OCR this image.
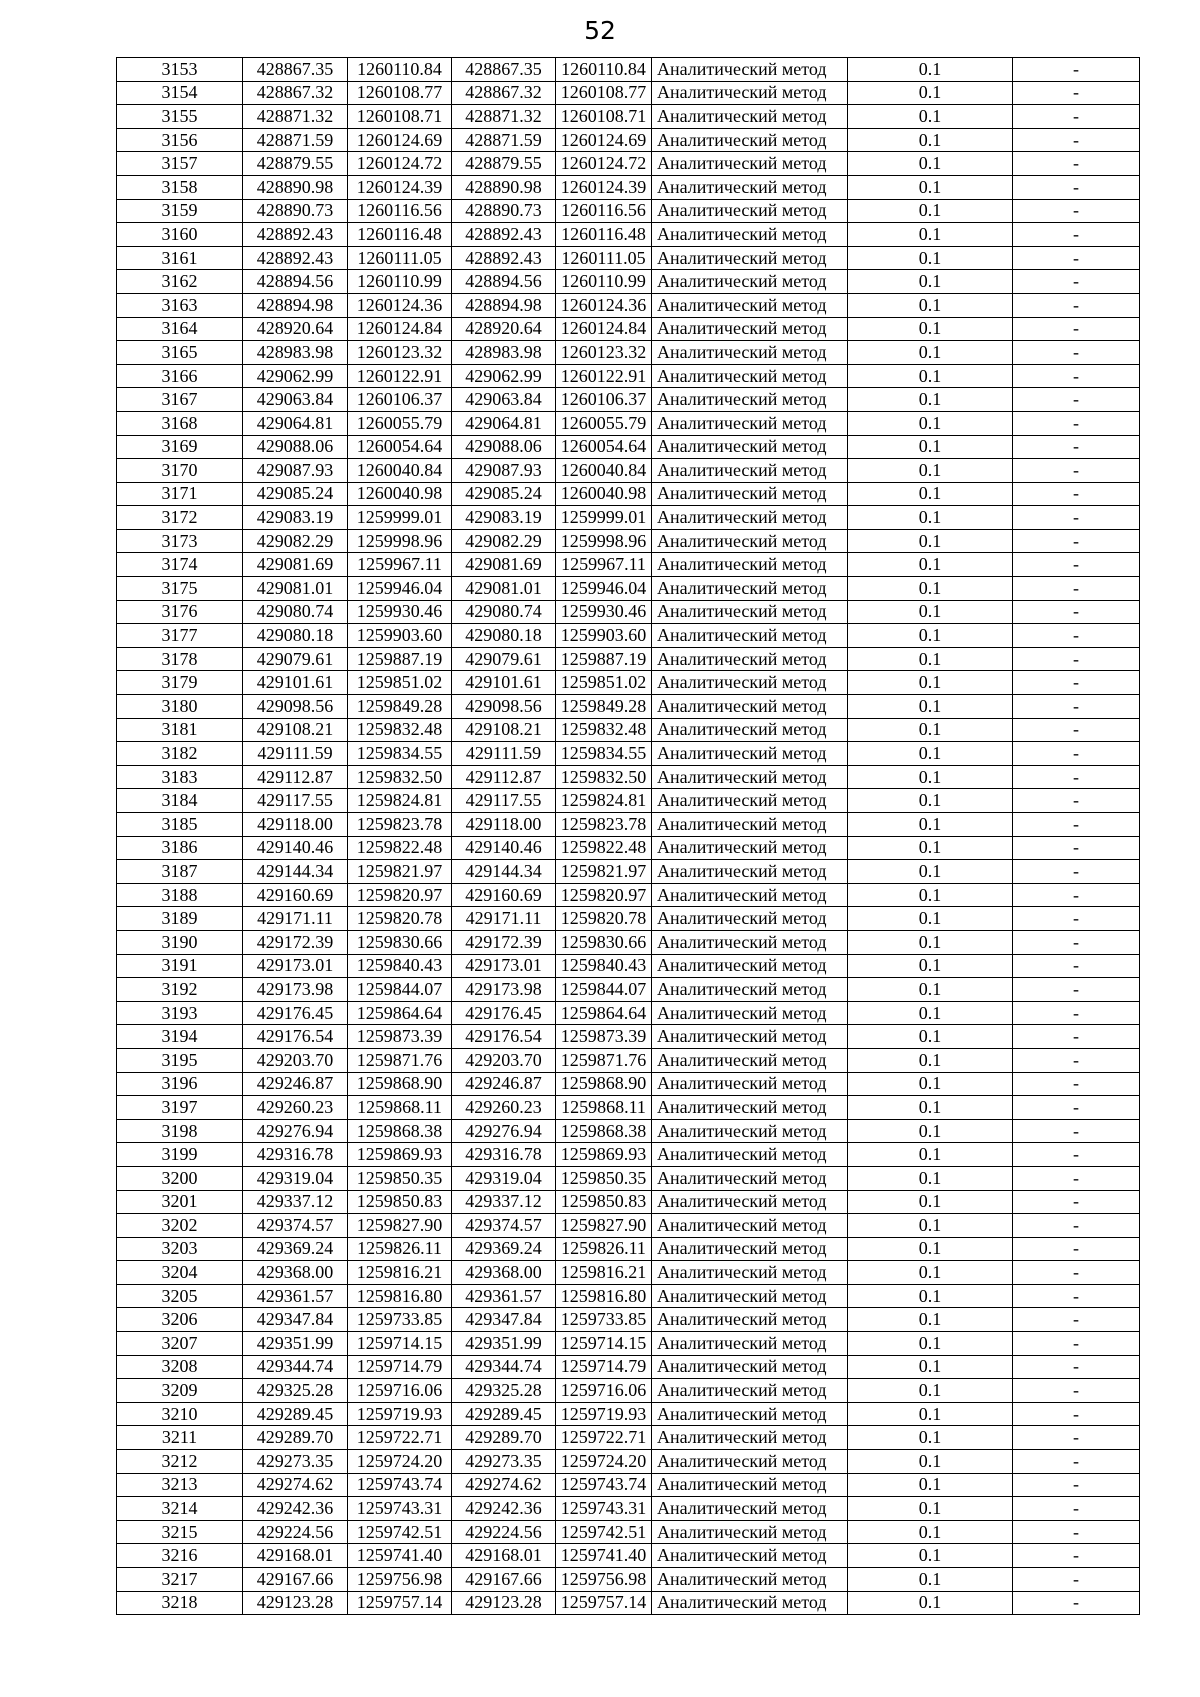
52
3153	428867.35	1260110.84	428867.35	1260110.84	Аналитический метод	0.1	-
3154	428867.32	1260108.77	428867.32	1260108.77	Аналитический метод	0.1	-
3155	428871.32	1260108.71	428871.32	1260108.71	Аналитический метод	0.1	-
3156	428871.59	1260124.69	428871.59	1260124.69	Аналитический метод	0.1	-
3157	428879.55	1260124.72	428879.55	1260124.72	Аналитический метод	0.1	-
3158	428890.98	1260124.39	428890.98	1260124.39	Аналитический метод	0.1	-
3159	428890.73	1260116.56	428890.73	1260116.56	Аналитический метод	0.1	-
3160	428892.43	1260116.48	428892.43	1260116.48	Аналитический метод	0.1	-
3161	428892.43	1260111.05	428892.43	1260111.05	Аналитический метод	0.1	-
3162	428894.56	1260110.99	428894.56	1260110.99	Аналитический метод	0.1	-
3163	428894.98	1260124.36	428894.98	1260124.36	Аналитический метод	0.1	-
3164	428920.64	1260124.84	428920.64	1260124.84	Аналитический метод	0.1	-
3165	428983.98	1260123.32	428983.98	1260123.32	Аналитический метод	0.1	-
3166	429062.99	1260122.91	429062.99	1260122.91	Аналитический метод	0.1	-
3167	429063.84	1260106.37	429063.84	1260106.37	Аналитический метод	0.1	-
3168	429064.81	1260055.79	429064.81	1260055.79	Аналитический метод	0.1	-
3169	429088.06	1260054.64	429088.06	1260054.64	Аналитический метод	0.1	-
3170	429087.93	1260040.84	429087.93	1260040.84	Аналитический метод	0.1	-
3171	429085.24	1260040.98	429085.24	1260040.98	Аналитический метод	0.1	-
3172	429083.19	1259999.01	429083.19	1259999.01	Аналитический метод	0.1	-
3173	429082.29	1259998.96	429082.29	1259998.96	Аналитический метод	0.1	-
3174	429081.69	1259967.11	429081.69	1259967.11	Аналитический метод	0.1	-
3175	429081.01	1259946.04	429081.01	1259946.04	Аналитический метод	0.1	-
3176	429080.74	1259930.46	429080.74	1259930.46	Аналитический метод	0.1	-
3177	429080.18	1259903.60	429080.18	1259903.60	Аналитический метод	0.1	-
3178	429079.61	1259887.19	429079.61	1259887.19	Аналитический метод	0.1	-
3179	429101.61	1259851.02	429101.61	1259851.02	Аналитический метод	0.1	-
3180	429098.56	1259849.28	429098.56	1259849.28	Аналитический метод	0.1	-
3181	429108.21	1259832.48	429108.21	1259832.48	Аналитический метод	0.1	-
3182	429111.59	1259834.55	429111.59	1259834.55	Аналитический метод	0.1	-
3183	429112.87	1259832.50	429112.87	1259832.50	Аналитический метод	0.1	-
3184	429117.55	1259824.81	429117.55	1259824.81	Аналитический метод	0.1	-
3185	429118.00	1259823.78	429118.00	1259823.78	Аналитический метод	0.1	-
3186	429140.46	1259822.48	429140.46	1259822.48	Аналитический метод	0.1	-
3187	429144.34	1259821.97	429144.34	1259821.97	Аналитический метод	0.1	-
3188	429160.69	1259820.97	429160.69	1259820.97	Аналитический метод	0.1	-
3189	429171.11	1259820.78	429171.11	1259820.78	Аналитический метод	0.1	-
3190	429172.39	1259830.66	429172.39	1259830.66	Аналитический метод	0.1	-
3191	429173.01	1259840.43	429173.01	1259840.43	Аналитический метод	0.1	-
3192	429173.98	1259844.07	429173.98	1259844.07	Аналитический метод	0.1	-
3193	429176.45	1259864.64	429176.45	1259864.64	Аналитический метод	0.1	-
3194	429176.54	1259873.39	429176.54	1259873.39	Аналитический метод	0.1	-
3195	429203.70	1259871.76	429203.70	1259871.76	Аналитический метод	0.1	-
3196	429246.87	1259868.90	429246.87	1259868.90	Аналитический метод	0.1	-
3197	429260.23	1259868.11	429260.23	1259868.11	Аналитический метод	0.1	-
3198	429276.94	1259868.38	429276.94	1259868.38	Аналитический метод	0.1	-
3199	429316.78	1259869.93	429316.78	1259869.93	Аналитический метод	0.1	-
3200	429319.04	1259850.35	429319.04	1259850.35	Аналитический метод	0.1	-
3201	429337.12	1259850.83	429337.12	1259850.83	Аналитический метод	0.1	-
3202	429374.57	1259827.90	429374.57	1259827.90	Аналитический метод	0.1	-
3203	429369.24	1259826.11	429369.24	1259826.11	Аналитический метод	0.1	-
3204	429368.00	1259816.21	429368.00	1259816.21	Аналитический метод	0.1	-
3205	429361.57	1259816.80	429361.57	1259816.80	Аналитический метод	0.1	-
3206	429347.84	1259733.85	429347.84	1259733.85	Аналитический метод	0.1	-
3207	429351.99	1259714.15	429351.99	1259714.15	Аналитический метод	0.1	-
3208	429344.74	1259714.79	429344.74	1259714.79	Аналитический метод	0.1	-
3209	429325.28	1259716.06	429325.28	1259716.06	Аналитический метод	0.1	-
3210	429289.45	1259719.93	429289.45	1259719.93	Аналитический метод	0.1	-
3211	429289.70	1259722.71	429289.70	1259722.71	Аналитический метод	0.1	-
3212	429273.35	1259724.20	429273.35	1259724.20	Аналитический метод	0.1	-
3213	429274.62	1259743.74	429274.62	1259743.74	Аналитический метод	0.1	-
3214	429242.36	1259743.31	429242.36	1259743.31	Аналитический метод	0.1	-
3215	429224.56	1259742.51	429224.56	1259742.51	Аналитический метод	0.1	-
3216	429168.01	1259741.40	429168.01	1259741.40	Аналитический метод	0.1	-
3217	429167.66	1259756.98	429167.66	1259756.98	Аналитический метод	0.1	-
3218	429123.28	1259757.14	429123.28	1259757.14	Аналитический метод	0.1	-
